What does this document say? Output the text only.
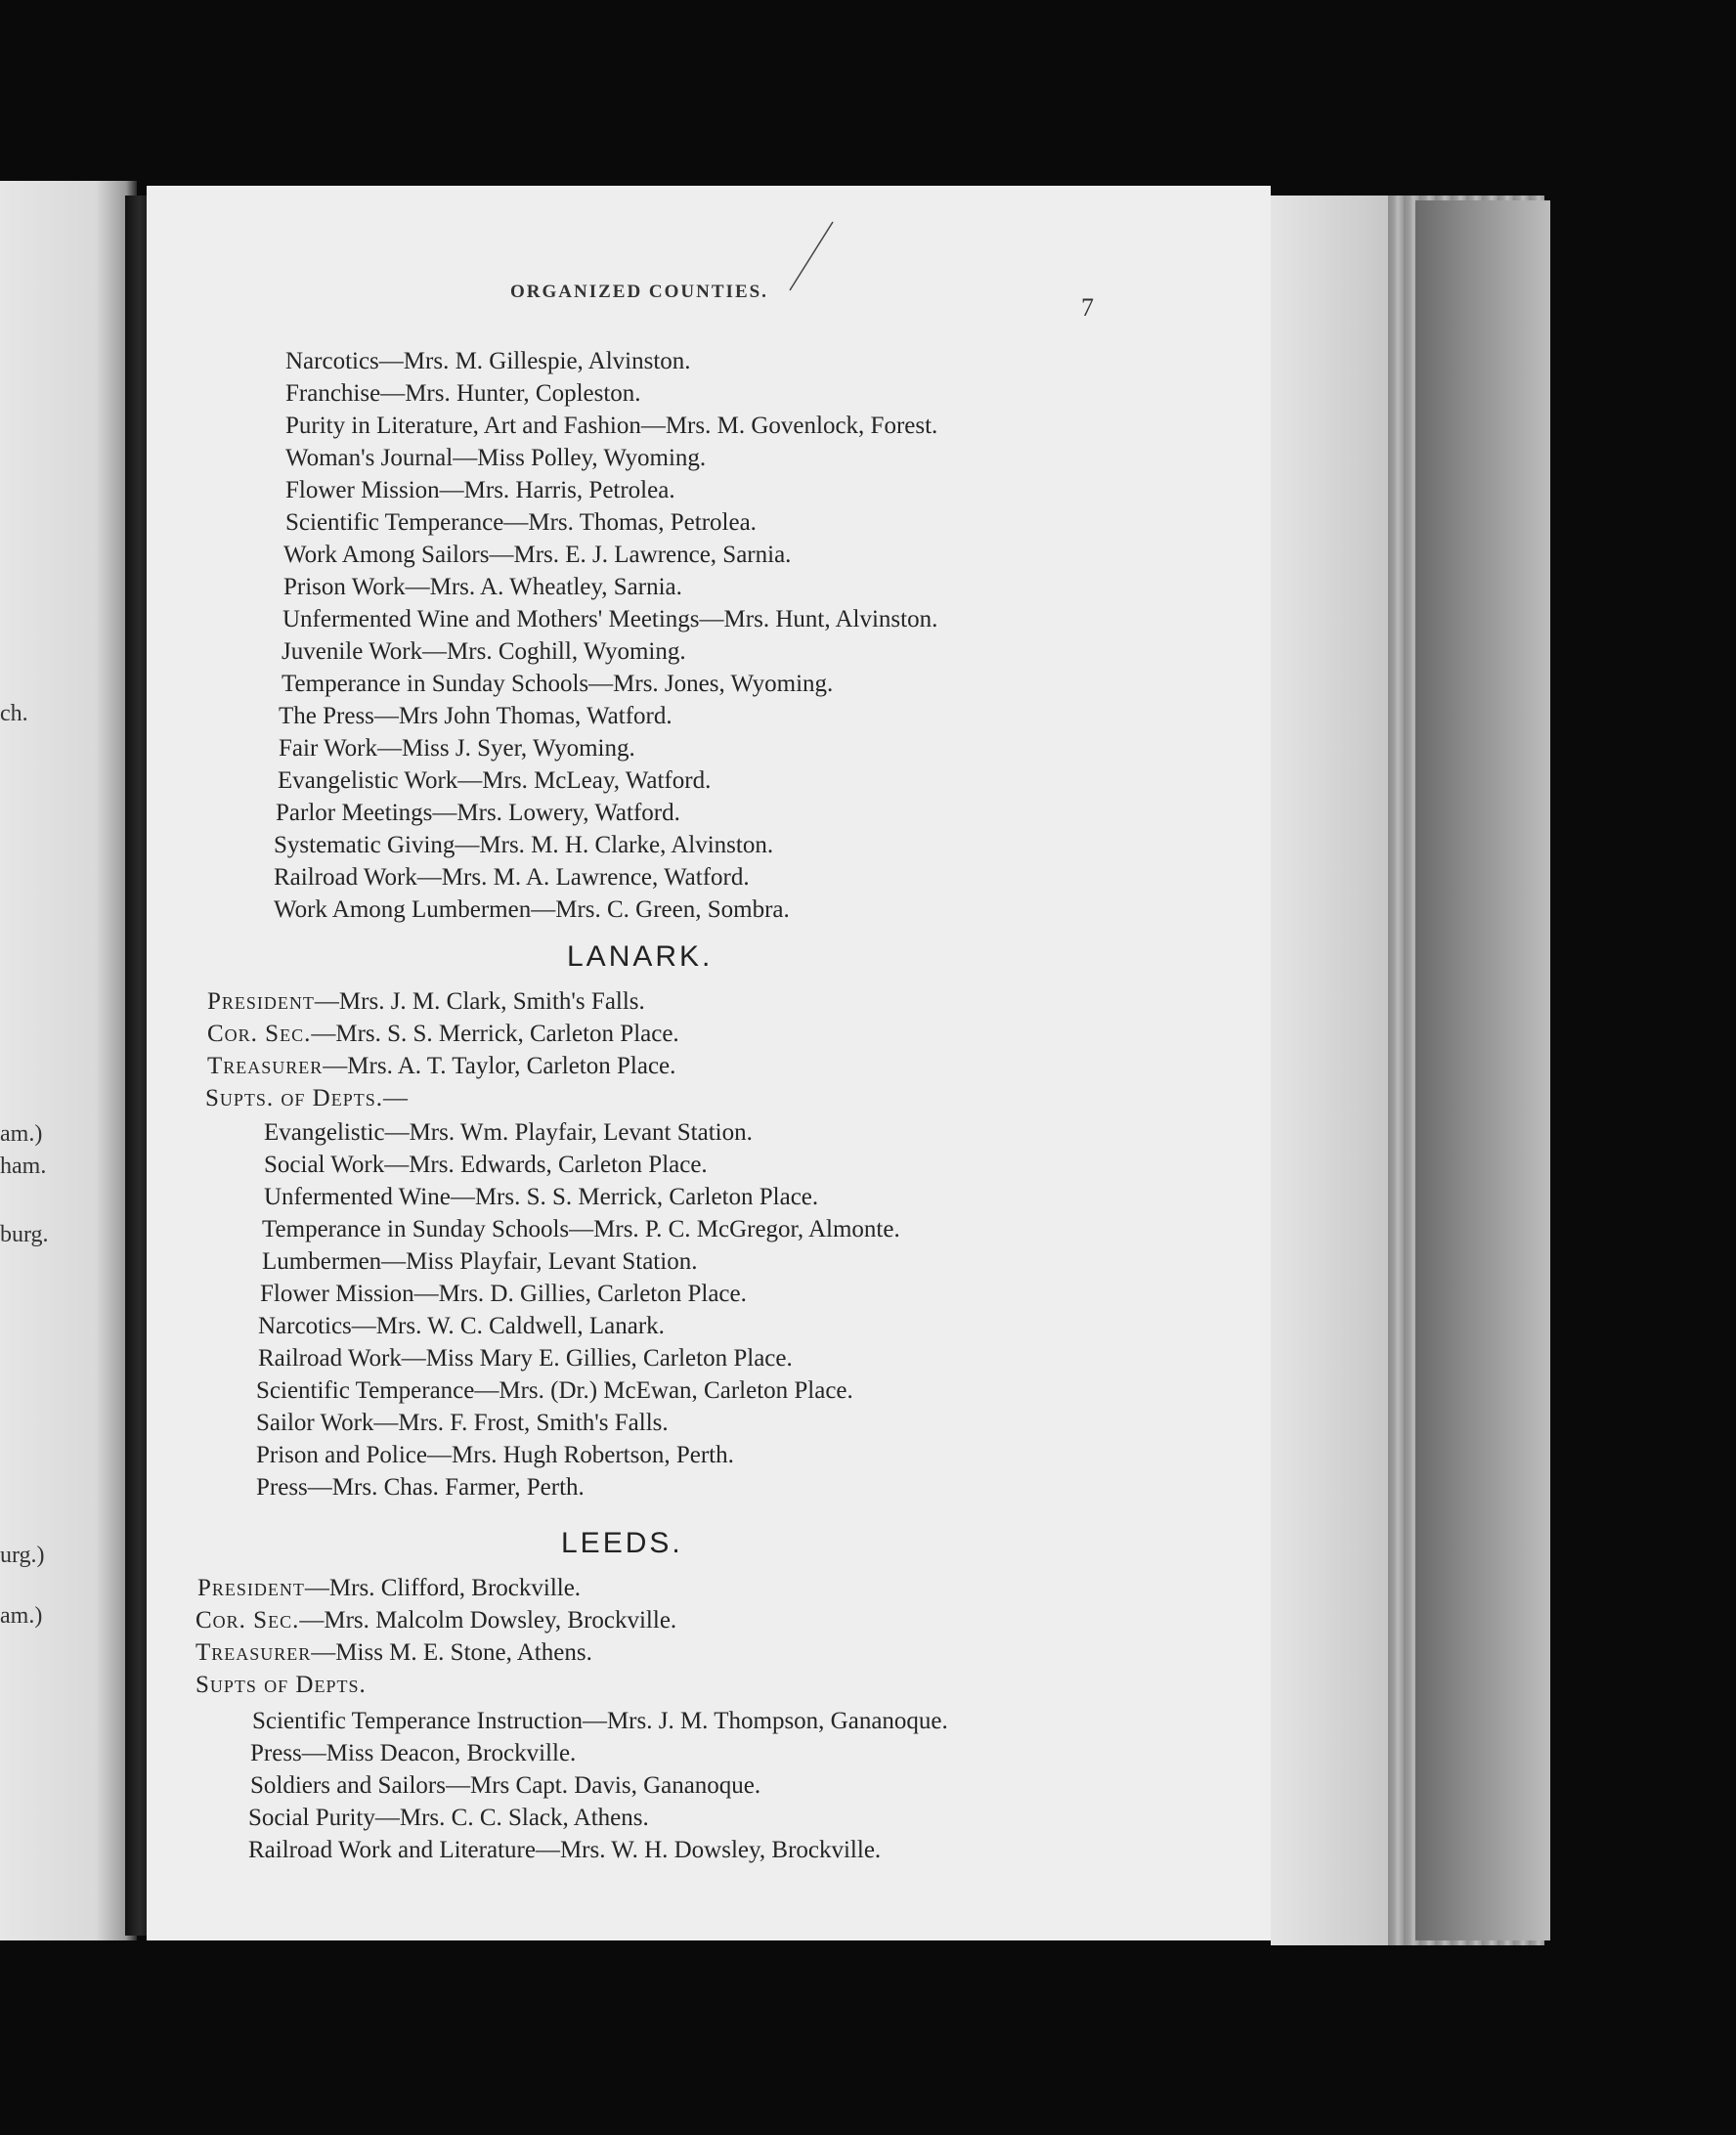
ch.
am.)
ham.
burg.
urg.)
am.)
ORGANIZED COUNTIES.
7
Narcotics—Mrs. M. Gillespie, Alvinston.
Franchise—Mrs. Hunter, Copleston.
Purity in Literature, Art and Fashion—Mrs. M. Govenlock, Forest.
Woman's Journal—Miss Polley, Wyoming.
Flower Mission—Mrs. Harris, Petrolea.
Scientific Temperance—Mrs. Thomas, Petrolea.
Work Among Sailors—Mrs. E. J. Lawrence, Sarnia.
Prison Work—Mrs. A. Wheatley, Sarnia.
Unfermented Wine and Mothers' Meetings—Mrs. Hunt, Alvinston.
Juvenile Work—Mrs. Coghill, Wyoming.
Temperance in Sunday Schools—Mrs. Jones, Wyoming.
The Press—Mrs John Thomas, Watford.
Fair Work—Miss J. Syer, Wyoming.
Evangelistic Work—Mrs. McLeay, Watford.
Parlor Meetings—Mrs. Lowery, Watford.
Systematic Giving—Mrs. M. H. Clarke, Alvinston.
Railroad Work—Mrs. M. A. Lawrence, Watford.
Work Among Lumbermen—Mrs. C. Green, Sombra.
LANARK.
President—Mrs. J. M. Clark, Smith's Falls.
Cor. Sec.—Mrs. S. S. Merrick, Carleton Place.
Treasurer—Mrs. A. T. Taylor, Carleton Place.
Supts. of Depts.—
Evangelistic—Mrs. Wm. Playfair, Levant Station.
Social Work—Mrs. Edwards, Carleton Place.
Unfermented Wine—Mrs. S. S. Merrick, Carleton Place.
Temperance in Sunday Schools—Mrs. P. C. McGregor, Almonte.
Lumbermen—Miss Playfair, Levant Station.
Flower Mission—Mrs. D. Gillies, Carleton Place.
Narcotics—Mrs. W. C. Caldwell, Lanark.
Railroad Work—Miss Mary E. Gillies, Carleton Place.
Scientific Temperance—Mrs. (Dr.) McEwan, Carleton Place.
Sailor Work—Mrs. F. Frost, Smith's Falls.
Prison and Police—Mrs. Hugh Robertson, Perth.
Press—Mrs. Chas. Farmer, Perth.
LEEDS.
President—Mrs. Clifford, Brockville.
Cor. Sec.—Mrs. Malcolm Dowsley, Brockville.
Treasurer—Miss M. E. Stone, Athens.
Supts of Depts.
Scientific Temperance Instruction—Mrs. J. M. Thompson, Gananoque.
Press—Miss Deacon, Brockville.
Soldiers and Sailors—Mrs Capt. Davis, Gananoque.
Social Purity—Mrs. C. C. Slack, Athens.
Railroad Work and Literature—Mrs. W. H. Dowsley, Brockville.
